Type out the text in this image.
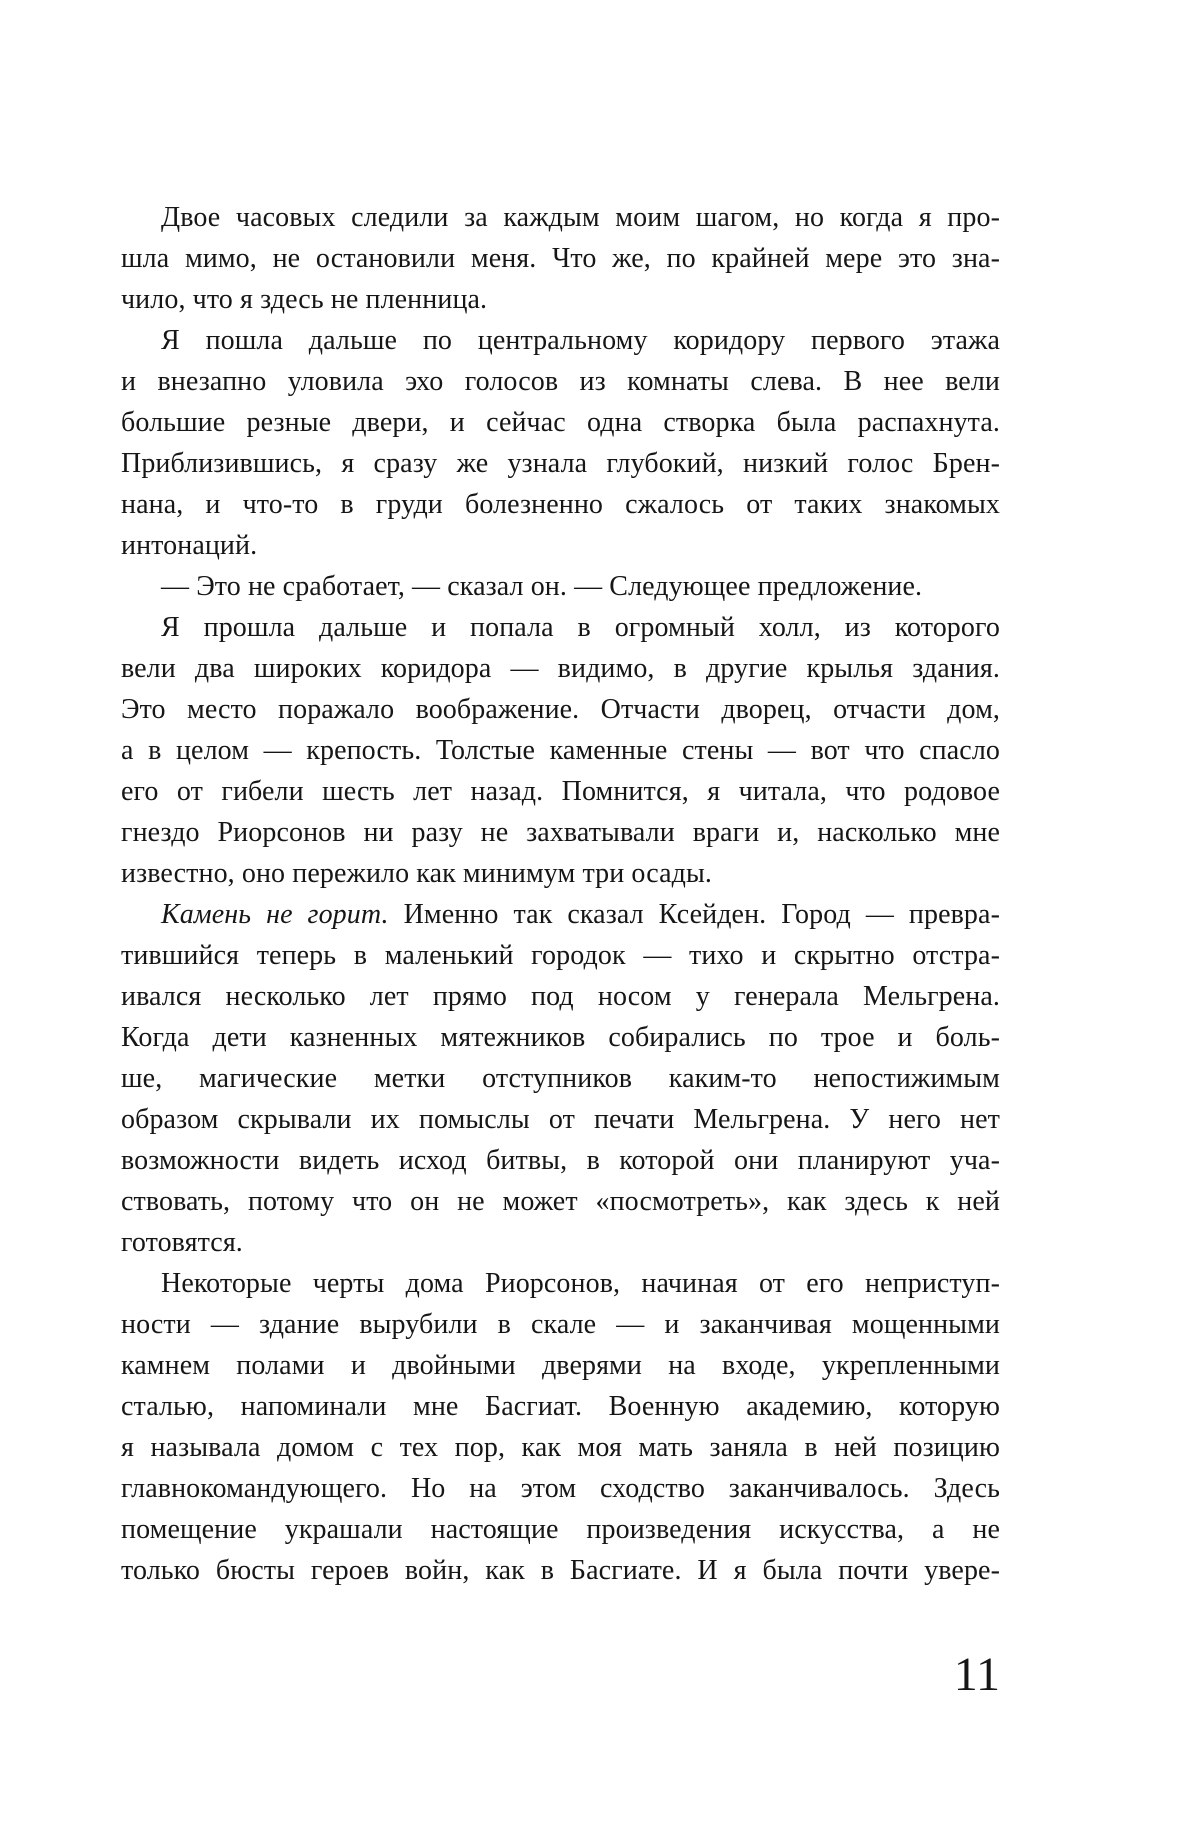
Двое часовых следили за каждым моим шагом, но когда я про-
шла мимо, не остановили меня. Что же, по крайней мере это зна-
чило, что я здесь не пленница.
Я пошла дальше по центральному коридору первого этажа
и внезапно уловила эхо голосов из комнаты слева. В нее вели
большие резные двери, и сейчас одна створка была распахнута.
Приблизившись, я сразу же узнала глубокий, низкий голос Брен-
нана, и что-то в груди болезненно сжалось от таких знакомых
интонаций.
— Это не сработает, — сказал он. — Следующее предложение.
Я прошла дальше и попала в огромный холл, из которого
вели два широких коридора — видимо, в другие крылья здания.
Это место поражало воображение. Отчасти дворец, отчасти дом,
а в целом — крепость. Толстые каменные стены — вот что спасло
его от гибели шесть лет назад. Помнится, я читала, что родовое
гнездо Риорсонов ни разу не захватывали враги и, насколько мне
известно, оно пережило как минимум три осады.
Камень не горит. Именно так сказал Ксейден. Город — превра-
тившийся теперь в маленький городок — тихо и скрытно отстра-
ивался несколько лет прямо под носом у генерала Мельгрена.
Когда дети казненных мятежников собирались по трое и боль-
ше, магические метки отступников каким-то непостижимым
образом скрывали их помыслы от печати Мельгрена. У него нет
возможности видеть исход битвы, в которой они планируют уча-
ствовать, потому что он не может «посмотреть», как здесь к ней
готовятся.
Некоторые черты дома Риорсонов, начиная от его неприступ-
ности — здание вырубили в скале — и заканчивая мощенными
камнем полами и двойными дверями на входе, укрепленными
сталью, напоминали мне Басгиат. Военную академию, которую
я называла домом с тех пор, как моя мать заняла в ней позицию
главнокомандующего. Но на этом сходство заканчивалось. Здесь
помещение украшали настоящие произведения искусства, а не
только бюсты героев войн, как в Басгиате. И я была почти увере-
11
